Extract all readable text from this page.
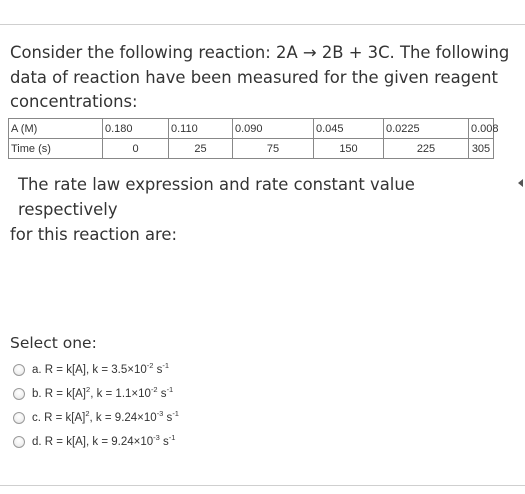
Consider the following reaction: 2A → 2B + 3C. The following
data of reaction have been measured for the given reagent
concentrations:
A (M)	0.180	0.110	0.090	0.045	0.0225	0.008
Time (s)	0	25	75	150	225	305
The rate law expression and rate constant value respectively
for this reaction are:
Select one:
a. R = k[A], $k = 3.5\times 10^{-2}$ $s^{-1}$
b. $R = k[A]^2$, $k = 1.1\times 10^{-2}$ $s^{-1}$
c. $R = k[A]^2$, $k = 9.24\times 10^{-3}$ $s^{-1}$
d. R = k[A], $k = 9.24\times 10^{-3}$ $s^{-1}$
